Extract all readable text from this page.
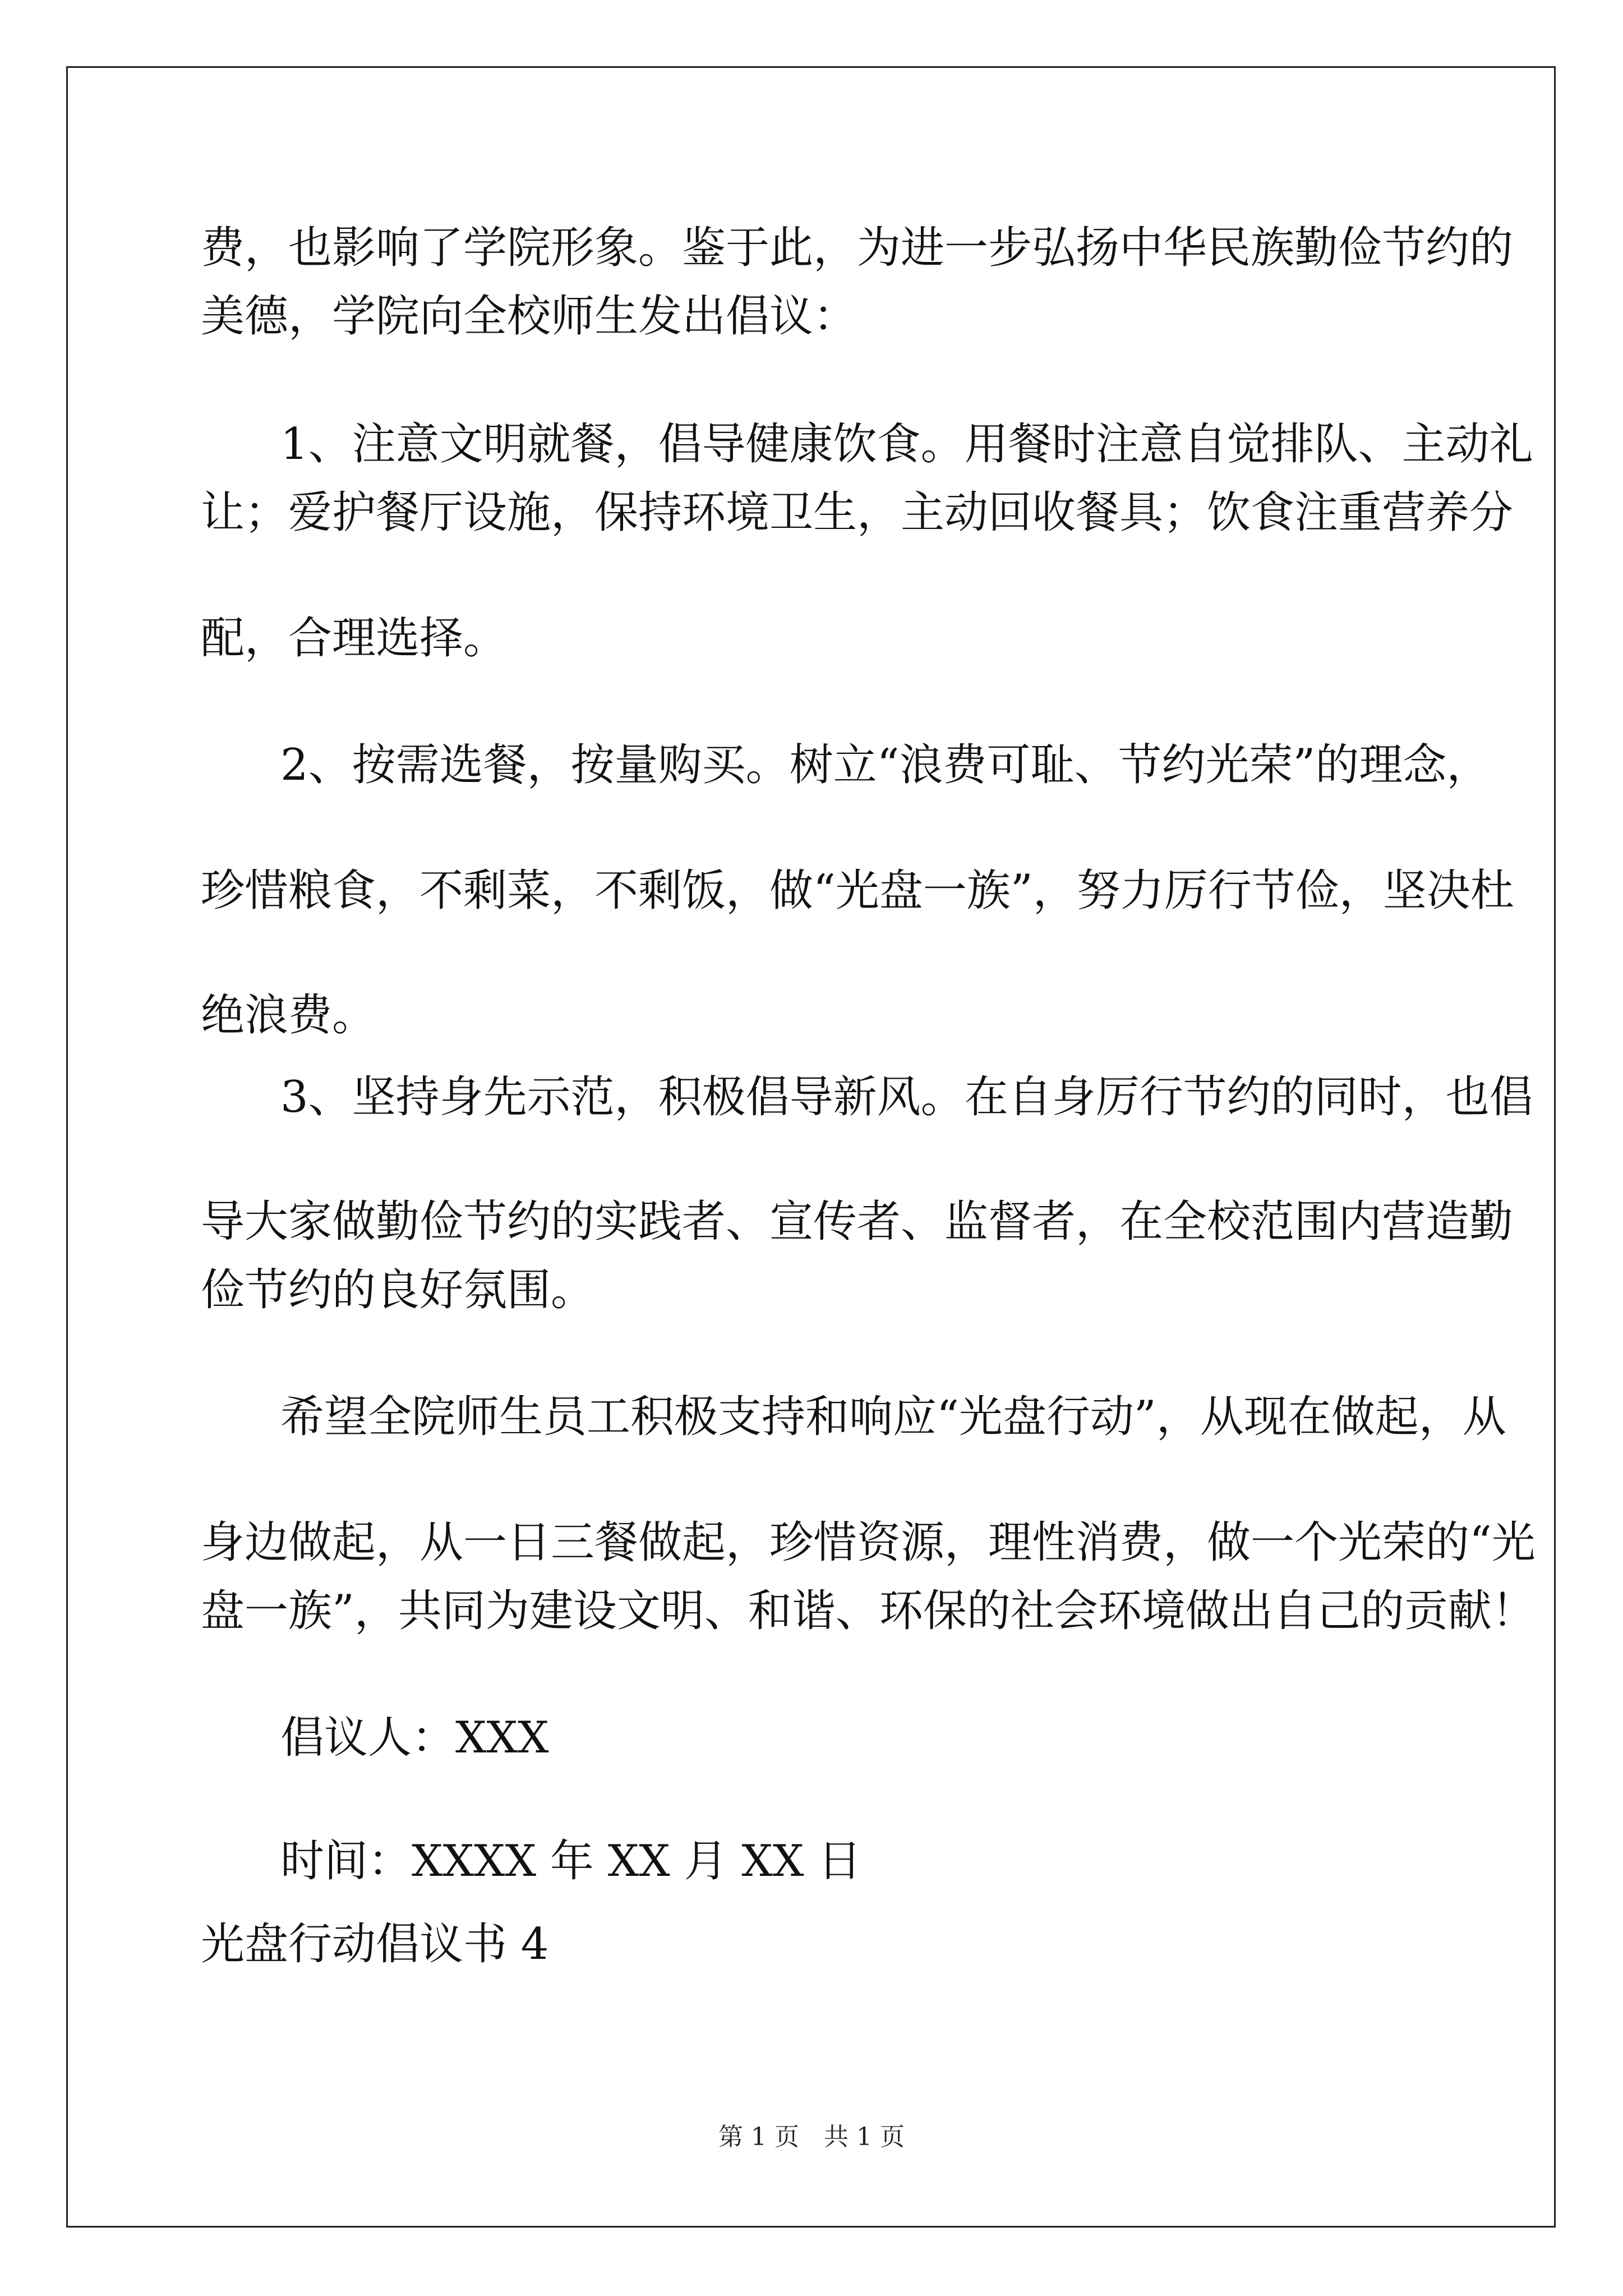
费，也影响了学院形象。鉴于此，为进一步弘扬中华民族勤俭节约的

美德，学院向全校师生发出倡议：

1、注意文明就餐，倡导健康饮食。用餐时注意自觉排队、主动礼

让；爱护餐厅设施，保持环境卫生，主动回收餐具；饮食注重营养分

配，合理选择。

2、按需选餐，按量购买。树立“浪费可耻、节约光荣”的理念，

珍惜粮食，不剩菜，不剩饭，做“光盘一族”，努力厉行节俭，坚决杜

绝浪费。

3、坚持身先示范，积极倡导新风。在自身厉行节约的同时，也倡

导大家做勤俭节约的实践者、宣传者、监督者，在全校范围内营造勤

俭节约的良好氛围。

希望全院师生员工积极支持和响应“光盘行动”，从现在做起，从

身边做起，从一日三餐做起，珍惜资源，理性消费，做一个光荣的“光

盘一族”，共同为建设文明、和谐、环保的社会环境做出自己的贡献！

倡议人：XXX

时间：XXXX 年 XX 月 XX 日

光盘行动倡议书 4

第 1 页　共 1 页
